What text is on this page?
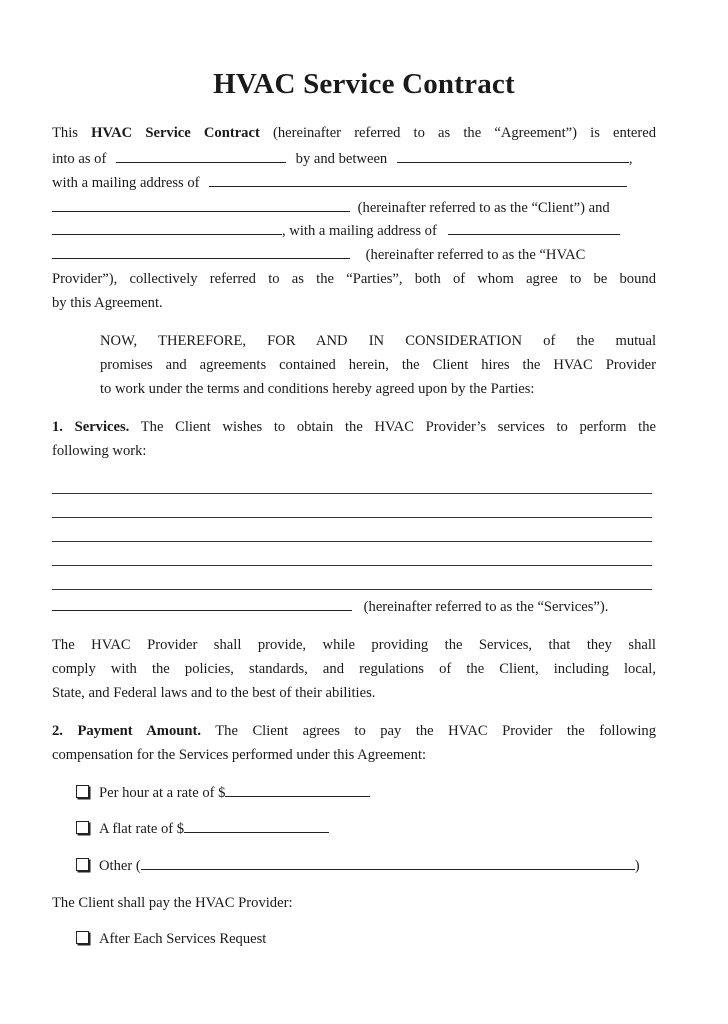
HVAC Service Contract
This HVAC Service Contract (hereinafter referred to as the “Agreement”) is entered
into as of	by and between	,
with a mailing address of
(hereinafter referred to as the “Client”) and
, with a mailing address of
(hereinafter referred to as the “HVAC
Provider”), collectively referred to as the “Parties”, both of whom agree to be bound
by this Agreement.
NOW, THEREFORE, FOR AND IN CONSIDERATION of the mutual
promises and agreements contained herein, the Client hires the HVAC Provider
to work under the terms and conditions hereby agreed upon by the Parties:
1. Services. The Client wishes to obtain the HVAC Provider’s services to perform the
following work:
(hereinafter referred to as the “Services”).
The HVAC Provider shall provide, while providing the Services, that they shall
comply with the policies, standards, and regulations of the Client, including local,
State, and Federal laws and to the best of their abilities.
2. Payment Amount. The Client agrees to pay the HVAC Provider the following
compensation for the Services performed under this Agreement:
Per hour at a rate of $
A flat rate of $
Other (	)
The Client shall pay the HVAC Provider:
After Each Services Request
